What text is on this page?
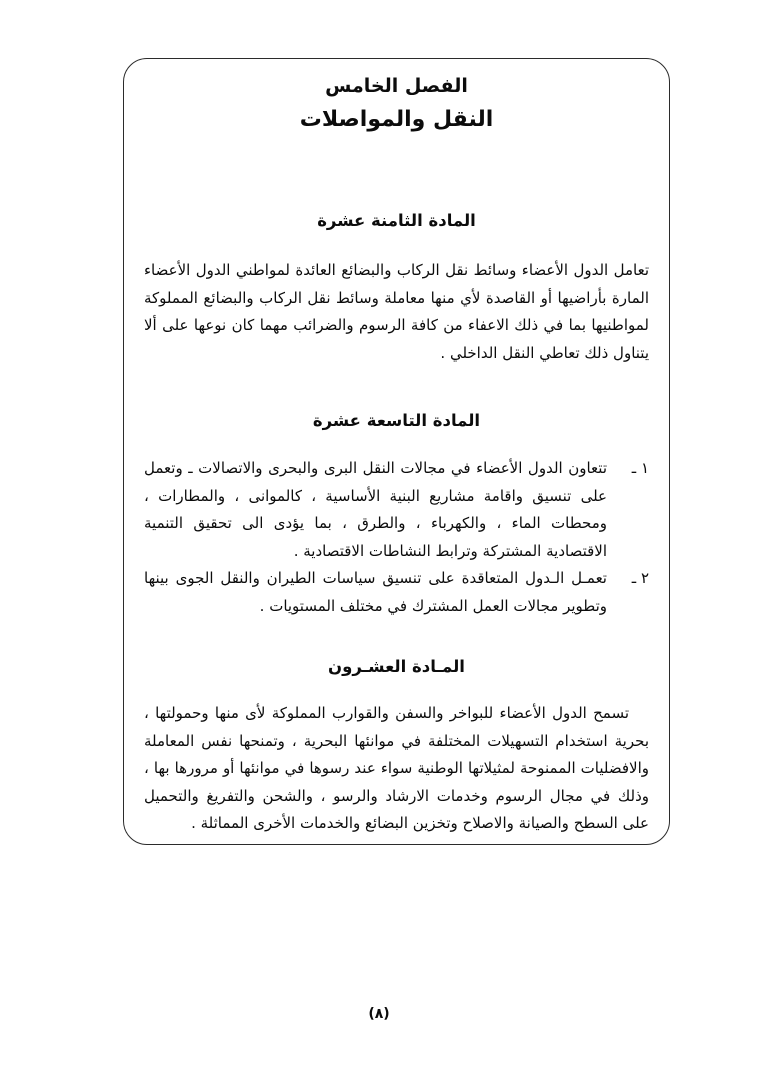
الفصل الخامس
النقل والمواصلات
المادة الثامنة عشرة

تعامل الدول الأعضاء وسائط نقل الركاب والبضائع العائدة لمواطني الدول الأعضاء المارة بأراضيها أو القاصدة لأي منها معاملة وسائط نقل الركاب والبضائع المملوكة لمواطنيها بما في ذلك الاعفاء من كافة الرسوم والضرائب مهما كان نوعها على ألا يتناول ذلك تعاطي النقل الداخلي .

المادة التاسعة عشرة
١ ـ
تتعاون الدول الأعضاء في مجالات النقل البرى والبحرى والاتصالات ـ وتعمل على تنسيق واقامة مشاريع البنية الأساسية ، كالموانى ، والمطارات ، ومحطات الماء ، والكهرباء ، والطرق ، بما يؤدى الى تحقيق التنمية الاقتصادية المشتركة وترابط النشاطات الاقتصادية .
٢ ـ
تعمـل الـدول المتعاقدة على تنسيق سياسات الطيران والنقل الجوى بينها وتطوير مجالات العمل المشترك في مختلف المستويات .
المـادة العشـرون

تسمح الدول الأعضاء للبواخر والسفن والقوارب المملوكة لأى منها وحمولتها ، بحرية استخدام التسهيلات المختلفة في موانئها البحرية ، وتمنحها نفس المعاملة والافضليات الممنوحة لمثيلاتها الوطنية سواء عند رسوها في موانئها أو مرورها بها ، وذلك في مجال الرسوم وخدمات الارشاد والرسو ، والشحن والتفريغ والتحميل على السطح والصيانة والاصلاح وتخزين البضائع والخدمات الأخرى المماثلة .

(٨)
